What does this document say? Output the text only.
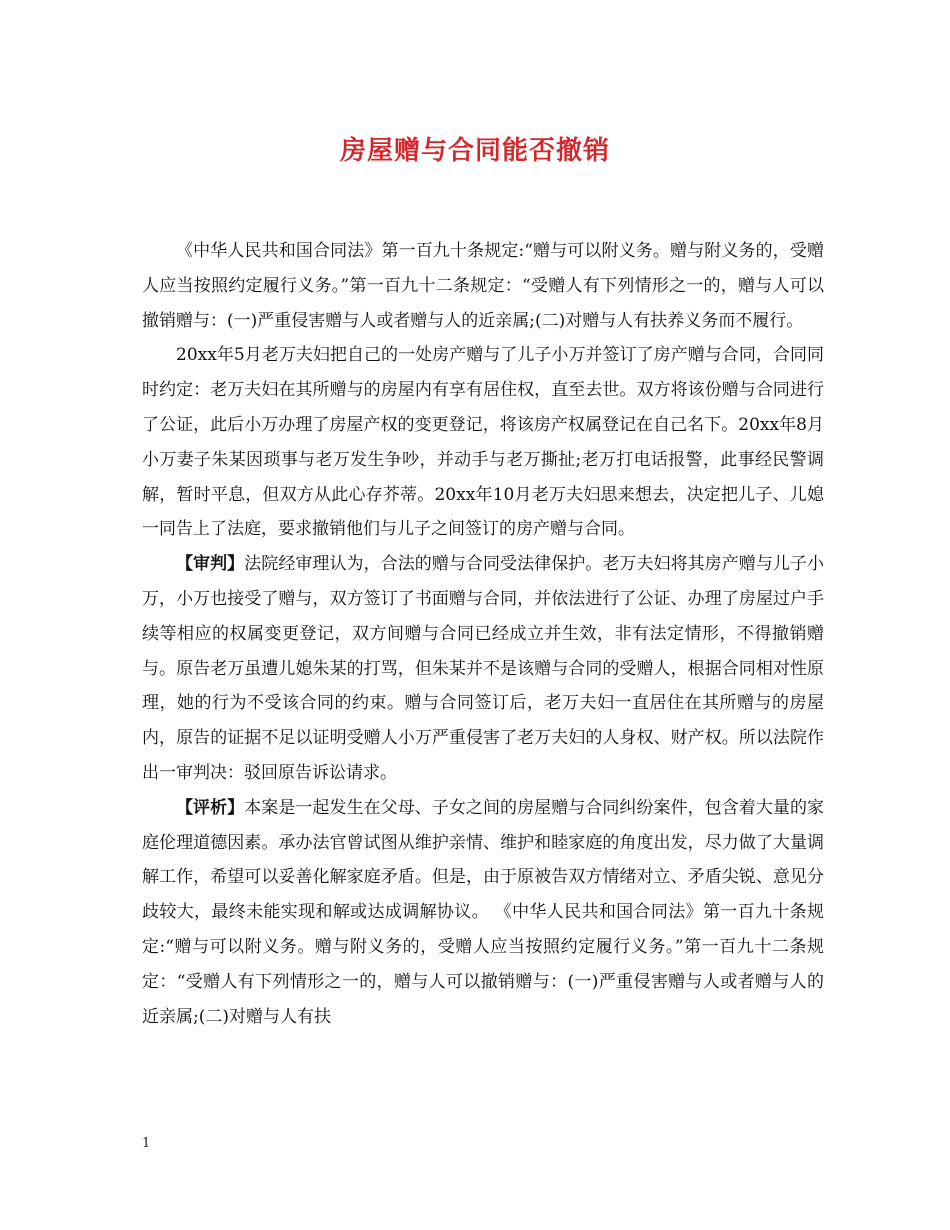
房屋赠与合同能否撤销

《中华人民共和国合同法》第一百九十条规定:“赠与可以附义务。赠与附义务的，受赠人应当按照约定履行义务。”第一百九十二条规定：“受赠人有下列情形之一的，赠与人可以撤销赠与：(一)严重侵害赠与人或者赠与人的近亲属;(二)对赠与人有扶养义务而不履行。

20xx年5月老万夫妇把自己的一处房产赠与了儿子小万并签订了房产赠与合同，合同同时约定：老万夫妇在其所赠与的房屋内有享有居住权，直至去世。双方将该份赠与合同进行了公证，此后小万办理了房屋产权的变更登记，将该房产权属登记在自己名下。20xx年8月小万妻子朱某因琐事与老万发生争吵，并动手与老万撕扯;老万打电话报警，此事经民警调解，暂时平息，但双方从此心存芥蒂。20xx年10月老万夫妇思来想去，决定把儿子、儿媳一同告上了法庭，要求撤销他们与儿子之间签订的房产赠与合同。

【审判】法院经审理认为，合法的赠与合同受法律保护。老万夫妇将其房产赠与儿子小万，小万也接受了赠与，双方签订了书面赠与合同，并依法进行了公证、办理了房屋过户手续等相应的权属变更登记，双方间赠与合同已经成立并生效，非有法定情形，不得撤销赠与。原告老万虽遭儿媳朱某的打骂，但朱某并不是该赠与合同的受赠人，根据合同相对性原理，她的行为不受该合同的约束。赠与合同签订后，老万夫妇一直居住在其所赠与的房屋内，原告的证据不足以证明受赠人小万严重侵害了老万夫妇的人身权、财产权。所以法院作出一审判决：驳回原告诉讼请求。

【评析】本案是一起发生在父母、子女之间的房屋赠与合同纠纷案件，包含着大量的家庭伦理道德因素。承办法官曾试图从维护亲情、维护和睦家庭的角度出发，尽力做了大量调解工作，希望可以妥善化解家庭矛盾。但是，由于原被告双方情绪对立、矛盾尖锐、意见分歧较大，最终未能实现和解或达成调解协议。 《中华人民共和国合同法》第一百九十条规定:“赠与可以附义务。赠与附义务的，受赠人应当按照约定履行义务。”第一百九十二条规定：“受赠人有下列情形之一的，赠与人可以撤销赠与：(一)严重侵害赠与人或者赠与人的近亲属;(二)对赠与人有扶

1
